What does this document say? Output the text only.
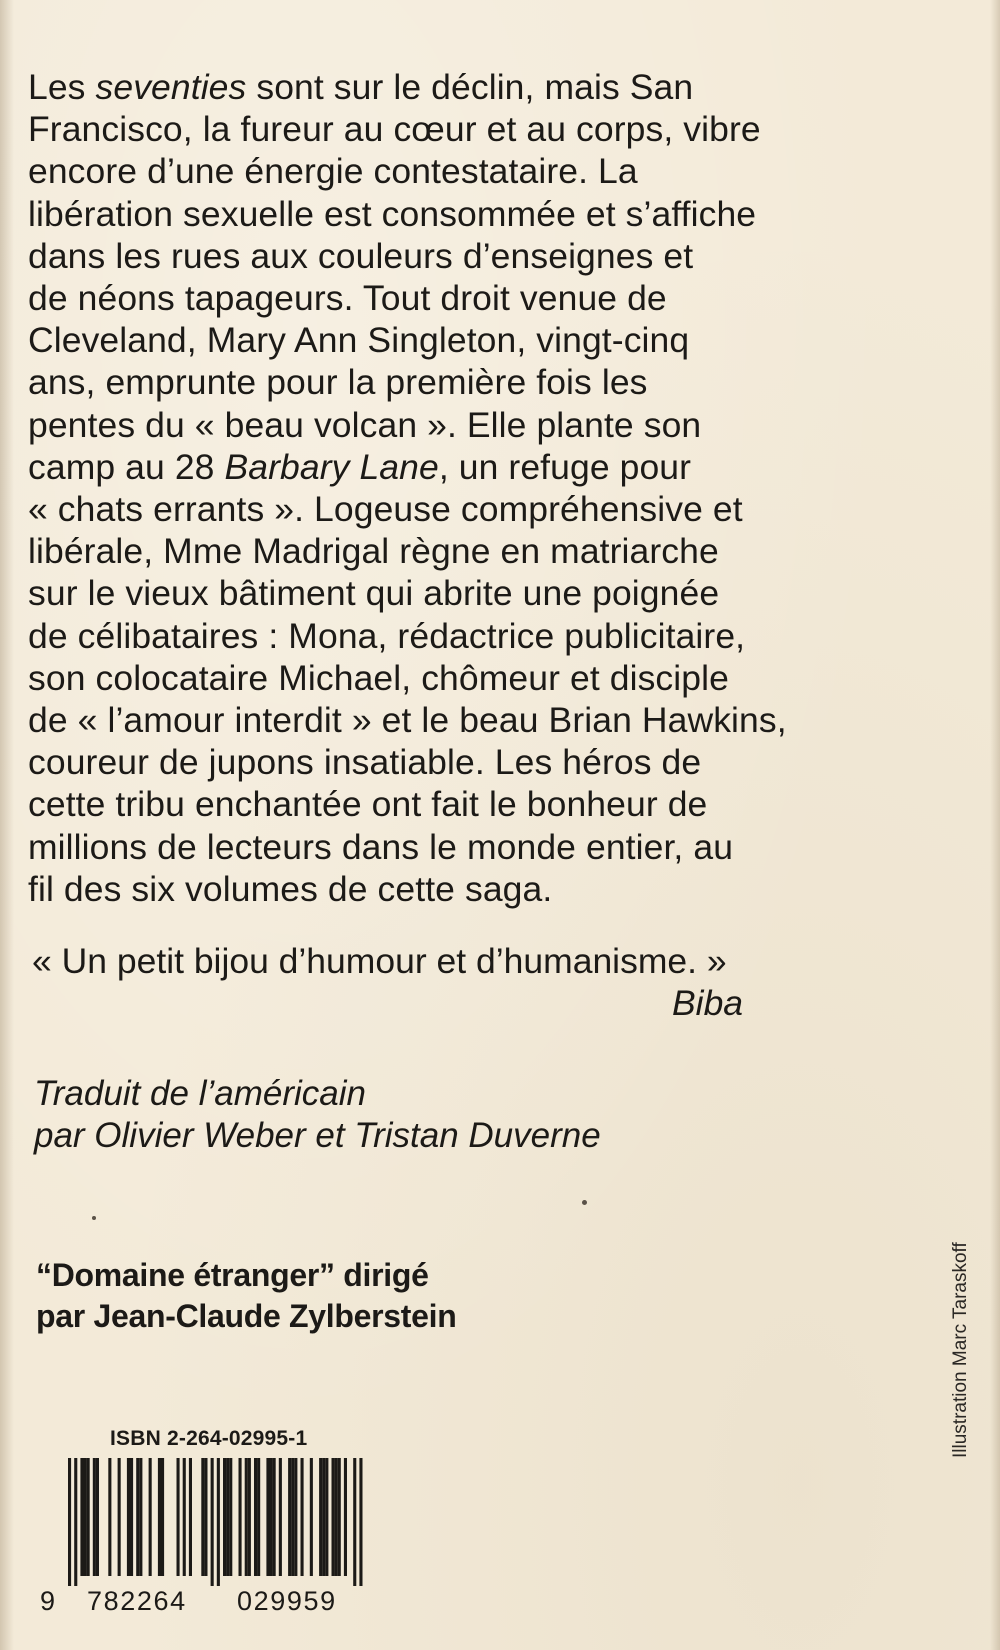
Les seventies sont sur le déclin, mais San
Francisco, la fureur au cœur et au corps, vibre
encore d’une énergie contestataire. La
libération sexuelle est consommée et s’affiche
dans les rues aux couleurs d’enseignes et
de néons tapageurs. Tout droit venue de
Cleveland, Mary Ann Singleton, vingt-cinq
ans, emprunte pour la première fois les
pentes du « beau volcan ». Elle plante son
camp au 28 Barbary Lane, un refuge pour
« chats errants ». Logeuse compréhensive et
libérale, Mme Madrigal règne en matriarche
sur le vieux bâtiment qui abrite une poignée
de célibataires : Mona, rédactrice publicitaire,
son colocataire Michael, chômeur et disciple
de « l’amour interdit » et le beau Brian Hawkins,
coureur de jupons insatiable. Les héros de
cette tribu enchantée ont fait le bonheur de
millions de lecteurs dans le monde entier, au
fil des six volumes de cette saga.

« Un petit bijou d’humour et d’humanisme. »
Biba
Traduit de l’américain
par Olivier Weber et Tristan Duverne
“Domaine étranger” dirigé
par Jean-Claude Zylberstein
ISBN 2-264-02995-1
9 782264 029959
Illustration Marc Taraskoff
